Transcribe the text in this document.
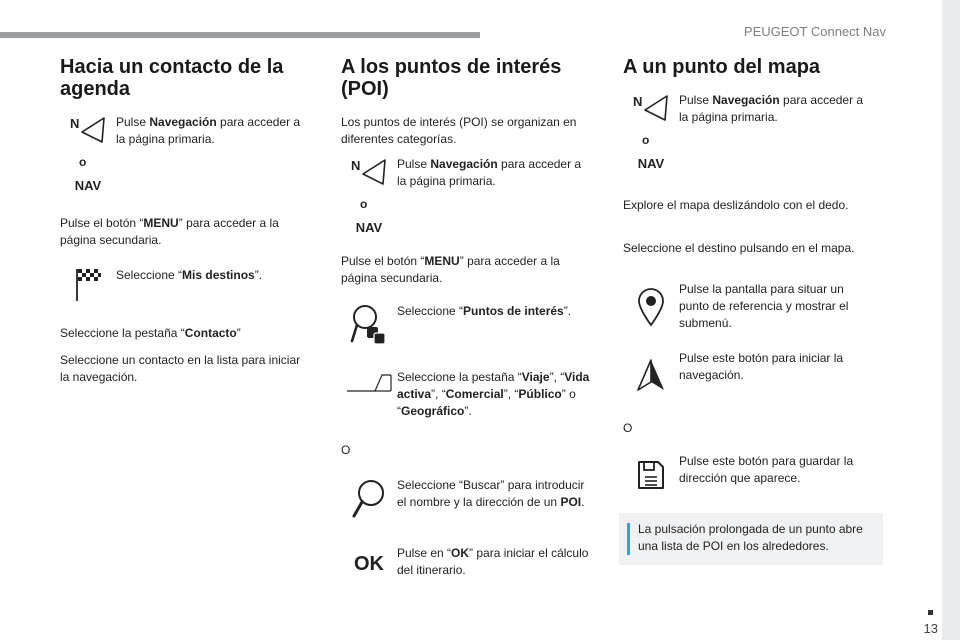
PEUGEOT Connect Nav
13
Hacia un contacto de la agenda
N
o
NAV

Pulse Navegación para acceder a la página primaria.

Pulse el botón “MENU” para acceder a la página secundaria.

Seleccione “Mis destinos”.

Seleccione la pestaña “Contacto”

Seleccione un contacto en la lista para iniciar la navegación.

A los puntos de interés (POI)

Los puntos de interés (POI) se organizan en diferentes categorías.

N
o
NAV

Pulse Navegación para acceder a la página primaria.

Pulse el botón “MENU” para acceder a la página secundaria.

Seleccione “Puntos de interés”.

Seleccione la pestaña “Viaje”, “Vida activa”, “Comercial”, “Público” o “Geográfico”.

O

Seleccione “Buscar” para introducir el nombre y la dirección de un POI.

OK Pulse en “OK” para iniciar el cálculo del itinerario.

A un punto del mapa
N
o
NAV

Pulse Navegación para acceder a la página primaria.

Explore el mapa deslizándolo con el dedo.

Seleccione el destino pulsando en el mapa.

Pulse la pantalla para situar un punto de referencia y mostrar el submenú.

Pulse este botón para iniciar la navegación.

O

Pulse este botón para guardar la dirección que aparece.

La pulsación prolongada de un punto abre una lista de POI en los alrededores.
